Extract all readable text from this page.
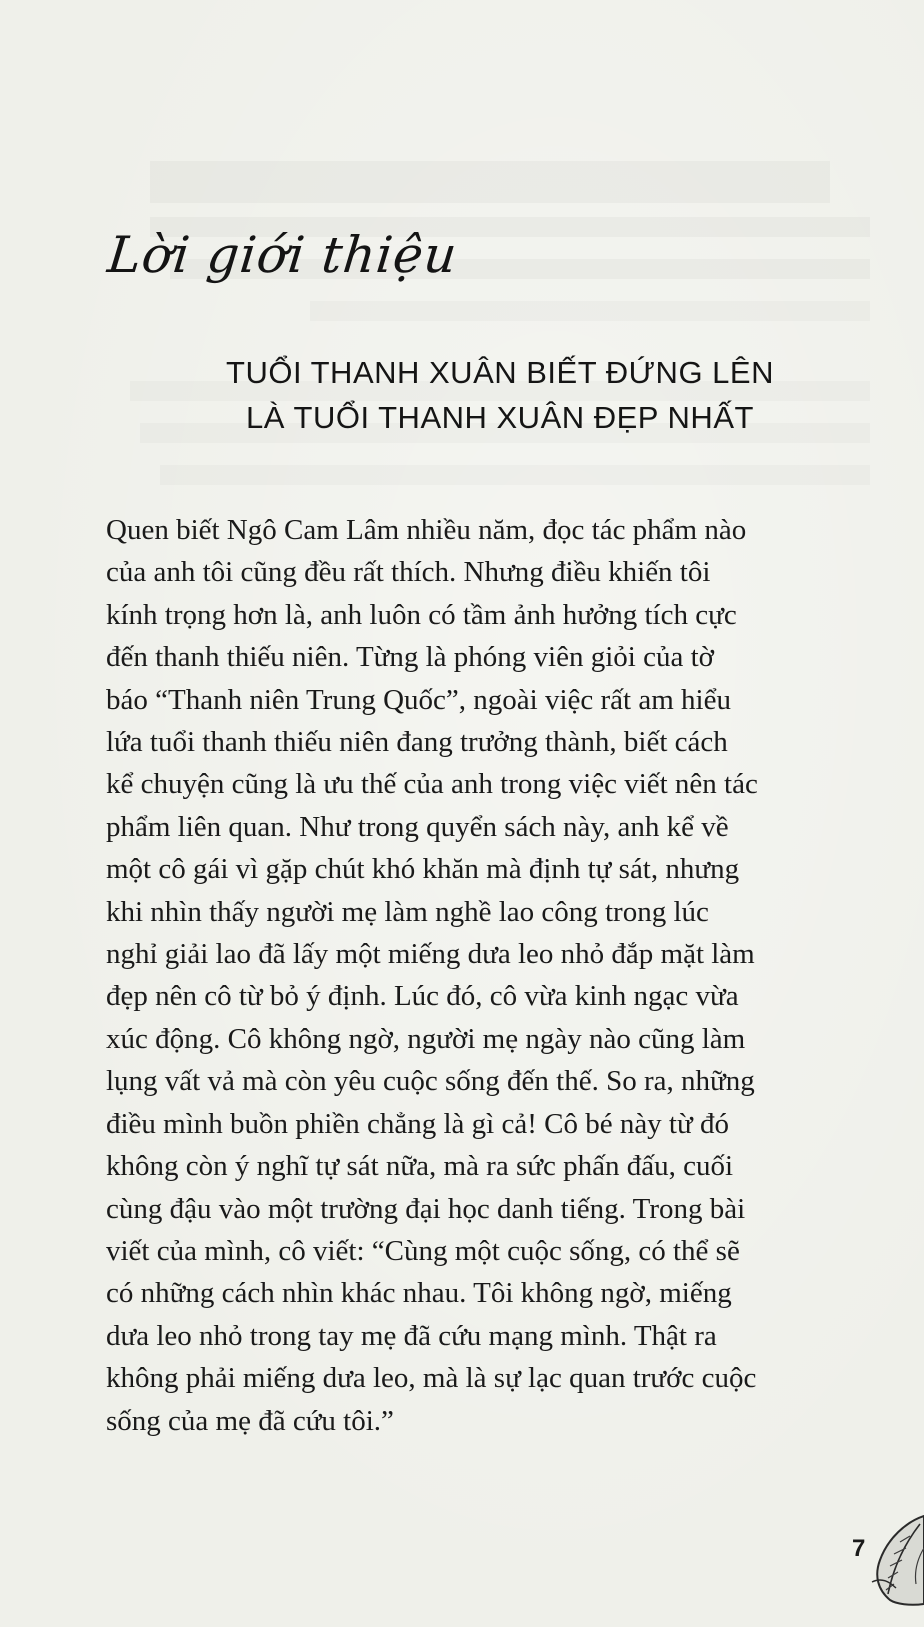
Lời giới thiệu
TUỔI THANH XUÂN BIẾT ĐỨNG LÊN
LÀ TUỔI THANH XUÂN ĐẸP NHẤT
Quen biết Ngô Cam Lâm nhiều năm, đọc tác phẩm nào
của anh tôi cũng đều rất thích. Nhưng điều khiến tôi
kính trọng hơn là, anh luôn có tầm ảnh hưởng tích cực
đến thanh thiếu niên. Từng là phóng viên giỏi của tờ
báo “Thanh niên Trung Quốc”, ngoài việc rất am hiểu
lứa tuổi thanh thiếu niên đang trưởng thành, biết cách
kể chuyện cũng là ưu thế của anh trong việc viết nên tác
phẩm liên quan. Như trong quyển sách này, anh kể về
một cô gái vì gặp chút khó khăn mà định tự sát, nhưng
khi nhìn thấy người mẹ làm nghề lao công trong lúc
nghỉ giải lao đã lấy một miếng dưa leo nhỏ đắp mặt làm
đẹp nên cô từ bỏ ý định. Lúc đó, cô vừa kinh ngạc vừa
xúc động. Cô không ngờ, người mẹ ngày nào cũng làm
lụng vất vả mà còn yêu cuộc sống đến thế. So ra, những
điều mình buồn phiền chẳng là gì cả! Cô bé này từ đó
không còn ý nghĩ tự sát nữa, mà ra sức phấn đấu, cuối
cùng đậu vào một trường đại học danh tiếng. Trong bài
viết của mình, cô viết: “Cùng một cuộc sống, có thể sẽ
có những cách nhìn khác nhau. Tôi không ngờ, miếng
dưa leo nhỏ trong tay mẹ đã cứu mạng mình. Thật ra
không phải miếng dưa leo, mà là sự lạc quan trước cuộc
sống của mẹ đã cứu tôi.”
7
